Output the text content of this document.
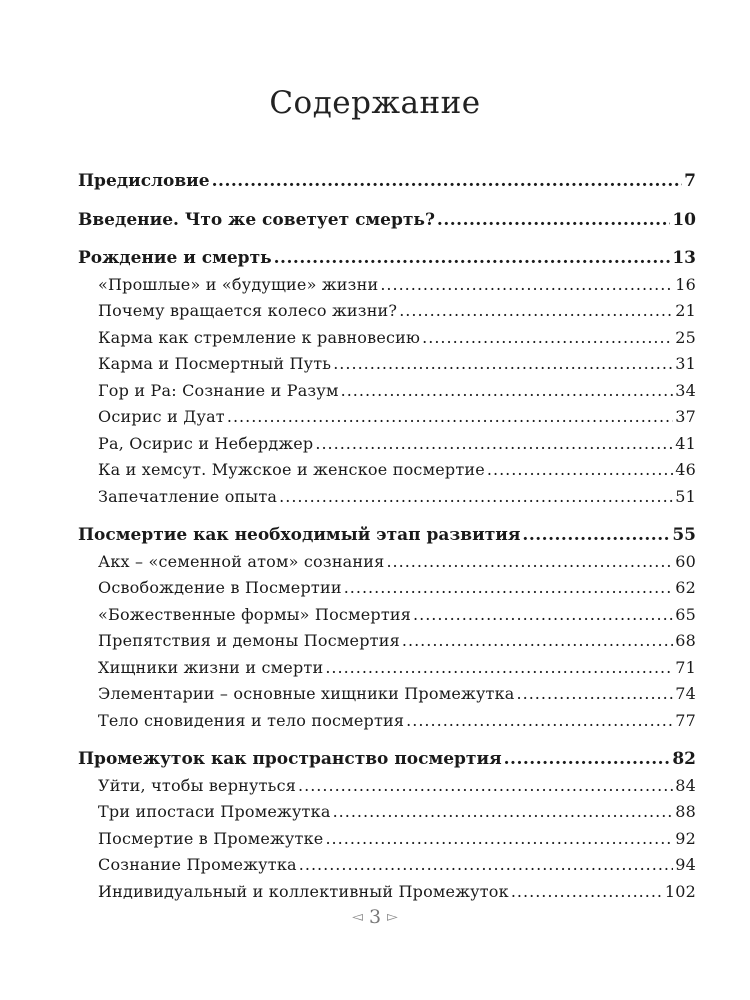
Содержание
Предисловие .....	7
Введение. Что же советует смерть? .....	10
Рождение и смерть .....	13
«Прошлые» и «будущие» жизни .....	16
Почему вращается колесо жизни? .....	21
Карма как стремление к равновесию .....	25
Карма и Посмертный Путь .....	31
Гор и Ра: Сознание и Разум .....	34
Осирис и Дуат .....	37
Ра, Осирис и Неберджер .....	41
Ка и хемсут. Мужское и женское посмертие .....	46
Запечатление опыта .....	51
Посмертие как необходимый этап развития .....	55
Акх – «семенной атом» сознания .....	60
Освобождение в Посмертии .....	62
«Божественные формы» Посмертия .....	65
Препятствия и демоны Посмертия .....	68
Хищники жизни и смерти .....	71
Элементарии – основные хищники Промежутка .....	74
Тело сновидения и тело посмертия .....	77
Промежуток как пространство посмертия .....	82
Уйти, чтобы вернуться .....	84
Три ипостаси Промежутка .....	88
Посмертие в Промежутке .....	92
Сознание Промежутка .....	94
Индивидуальный и коллективный Промежуток .....	102
◅ 3 ▻
